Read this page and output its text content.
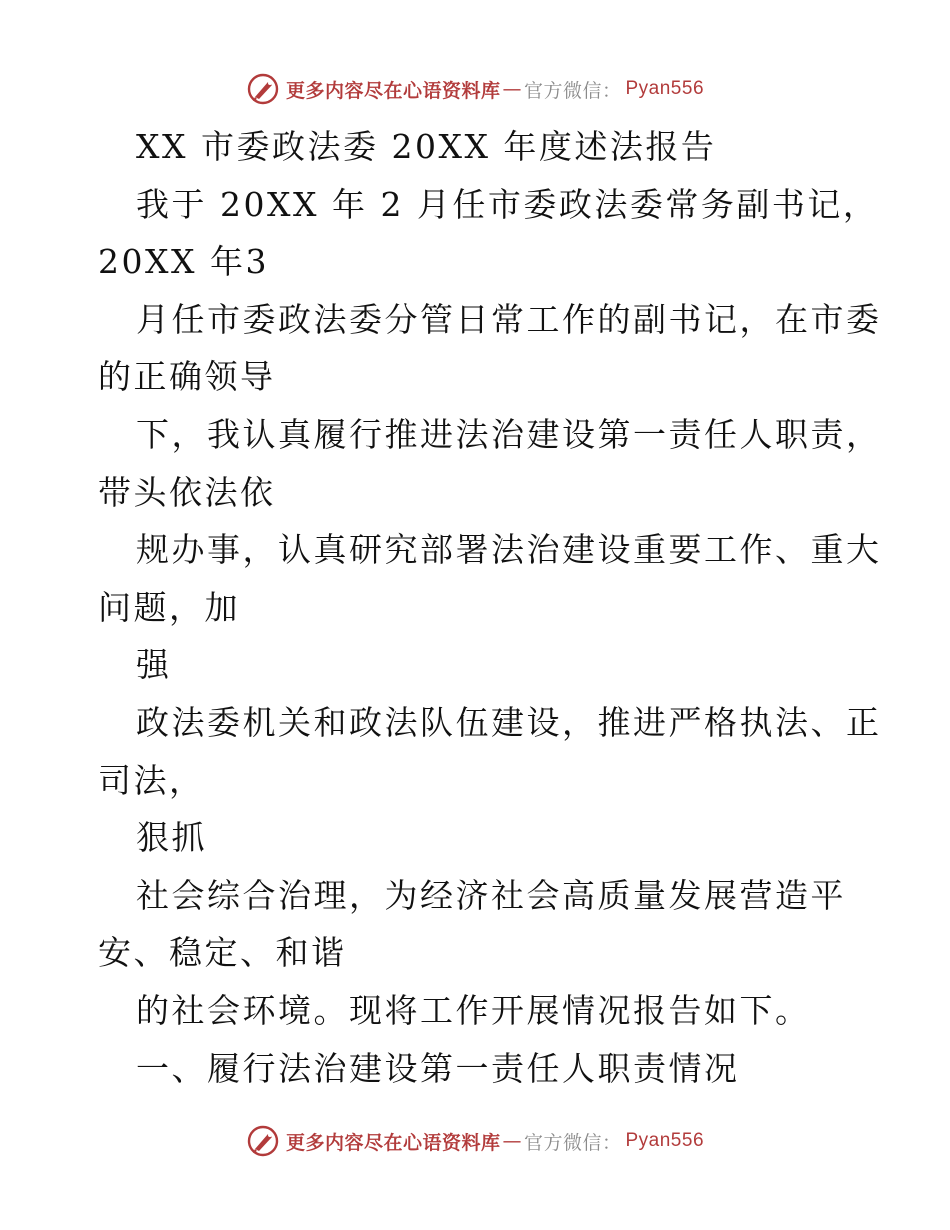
更多内容尽在心语资料库 — 官方微信： Pyan556
XX 市委政法委 20XX 年度述法报告
我于 20XX 年 2 月任市委政法委常务副书记，
20XX 年3
月任市委政法委分管日常工作的副书记，在市委
的正确领导
下，我认真履行推进法治建设第一责任人职责，
带头依法依
规办事，认真研究部署法治建设重要工作、重大
问题，加
强
政法委机关和政法队伍建设，推进严格执法、正
司法，
狠抓
社会综合治理，为经济社会高质量发展营造平
安、稳定、和谐
的社会环境。现将工作开展情况报告如下。
一、履行法治建设第一责任人职责情况
更多内容尽在心语资料库 — 官方微信： Pyan556
